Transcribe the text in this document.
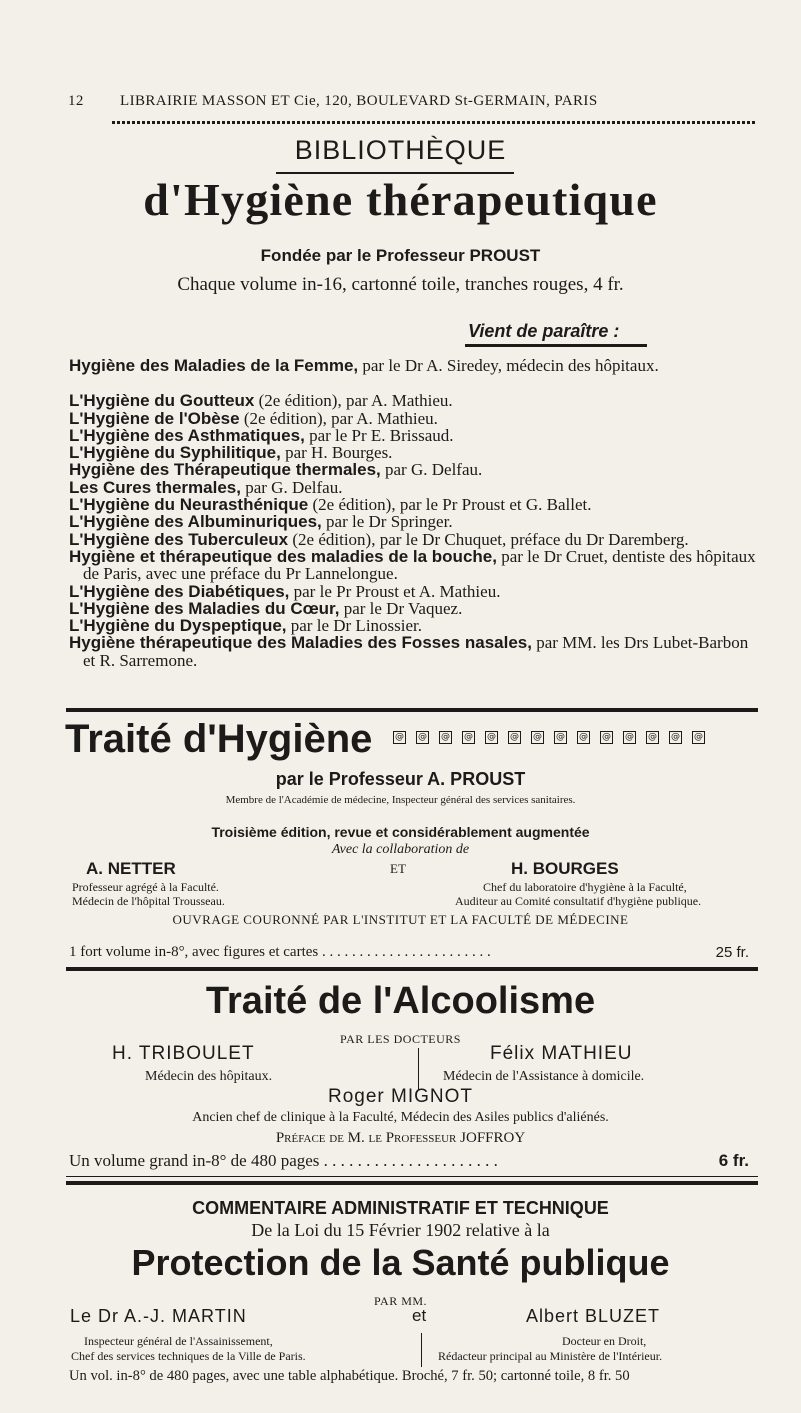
12 LIBRAIRIE MASSON ET Cie, 120, BOULEVARD St-GERMAIN, PARIS
BIBLIOTHÈQUE
d'Hygiène thérapeutique
Fondée par le Professeur PROUST
Chaque volume in-16, cartonné toile, tranches rouges, 4 fr.
Vient de paraître :

Hygiène des Maladies de la Femme, par le Dr A. Siredey, médecin des hôpitaux.

L'Hygiène du Goutteux (2e édition), par A. Mathieu.

L'Hygiène de l'Obèse (2e édition), par A. Mathieu.

L'Hygiène des Asthmatiques, par le Pr E. Brissaud.

L'Hygiène du Syphilitique, par H. Bourges.

Hygiène des Thérapeutique thermales, par G. Delfau.

Les Cures thermales, par G. Delfau.

L'Hygiène du Neurasthénique (2e édition), par le Pr Proust et G. Ballet.

L'Hygiène des Albuminuriques, par le Dr Springer.

L'Hygiène des Tuberculeux (2e édition), par le Dr Chuquet, préface du Dr Daremberg.

Hygiène et thérapeutique des maladies de la bouche, par le Dr Cruet, dentiste des hôpitaux de Paris, avec une préface du Pr Lannelongue.

L'Hygiène des Diabétiques, par le Pr Proust et A. Mathieu.

L'Hygiène des Maladies du Cœur, par le Dr Vaquez.

L'Hygiène du Dyspeptique, par le Dr Linossier.

Hygiène thérapeutique des Maladies des Fosses nasales, par MM. les Drs Lubet-Barbon et R. Sarremone.

Traité d'Hygiène	@ @ @ @ @ @ @ @ @ @ @ @ @ @
par le Professeur A. PROUST
Membre de l'Académie de médecine, Inspecteur général des services sanitaires.
Troisième édition, revue et considérablement augmentée
Avec la collaboration de
A. NETTER	ET	H. BOURGES
Professeur agrégé à la Faculté.
Médecin de l'hôpital Trousseau.
Chef du laboratoire d'hygiène à la Faculté,
Auditeur au Comité consultatif d'hygiène publique.
OUVRAGE COURONNÉ PAR L'INSTITUT ET LA FACULTÉ DE MÉDECINE
1 fort volume in-8°, avec figures et cartes . . . . . . . . . . . . . . . . . . . . . . .	25 fr.
Traité de l'Alcoolisme
PAR LES DOCTEURS
H. TRIBOULET	Félix MATHIEU
Médecin des hôpitaux.	Médecin de l'Assistance à domicile.
Roger MIGNOT
Ancien chef de clinique à la Faculté, Médecin des Asiles publics d'aliénés.
Préface de M. le Professeur JOFFROY
Un volume grand in-8° de 480 pages . . . . . . . . . . . . . . . . . . . . .	6 fr.
COMMENTAIRE ADMINISTRATIF ET TECHNIQUE
De la Loi du 15 Février 1902 relative à la
Protection de la Santé publique
PAR MM.
Le Dr A.-J. MARTIN	et	Albert BLUZET
Inspecteur général de l'Assainissement,
Chef des services techniques de la Ville de Paris.
Docteur en Droit,
Rédacteur principal au Ministère de l'Intérieur.
Un vol. in-8° de 480 pages, avec une table alphabétique. Broché, 7 fr. 50; cartonné toile, 8 fr. 50
